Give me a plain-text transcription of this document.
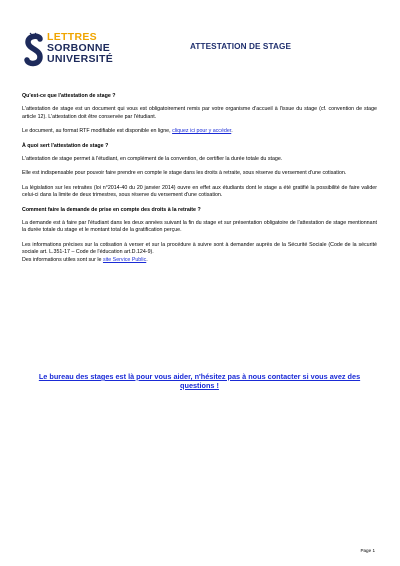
LETTRES
SORBONNE
UNIVERSITÉ
ATTESTATION DE STAGE
Qu'est-ce que l'attestation de stage ?

L'attestation de stage est un document qui vous est obligatoirement remis par votre organisme d'accueil à l'issue du stage (cf. convention de stage article 12). L'attestation doit être conservée par l'étudiant.

Le document, au format RTF modifiable est disponible en ligne, cliquez ici pour y accéder.

À quoi sert l'attestation de stage ?

L'attestation de stage permet à l'étudiant, en complément de la convention, de certifier la durée totale du stage.

Elle est indispensable pour pouvoir faire prendre en compte le stage dans les droits à retraite, sous réserve du versement d'une cotisation.

La législation sur les retraites (loi n°2014-40 du 20 janvier 2014) ouvre en effet aux étudiants dont le stage a été gratifié la possibilité de faire valider celui-ci dans la limite de deux trimestres, sous réserve du versement d'une cotisation.

Comment faire la demande de prise en compte des droits à la retraite ?

La demande est à faire par l'étudiant dans les deux années suivant la fin du stage et sur présentation obligatoire de l'attestation de stage mentionnant la durée totale du stage et le montant total de la gratification perçue.

Les informations précises sur la cotisation à verser et sur la procédure à suivre sont à demander auprès de la Sécurité Sociale (Code de la sécurité sociale art. L.351-17 – Code de l'éducation art.D.124-9).
Des informations utiles sont sur le site Service Public.

Le bureau des stages est là pour vous aider, n'hésitez pas à nous contacter si vous avez des questions !
Page 1
